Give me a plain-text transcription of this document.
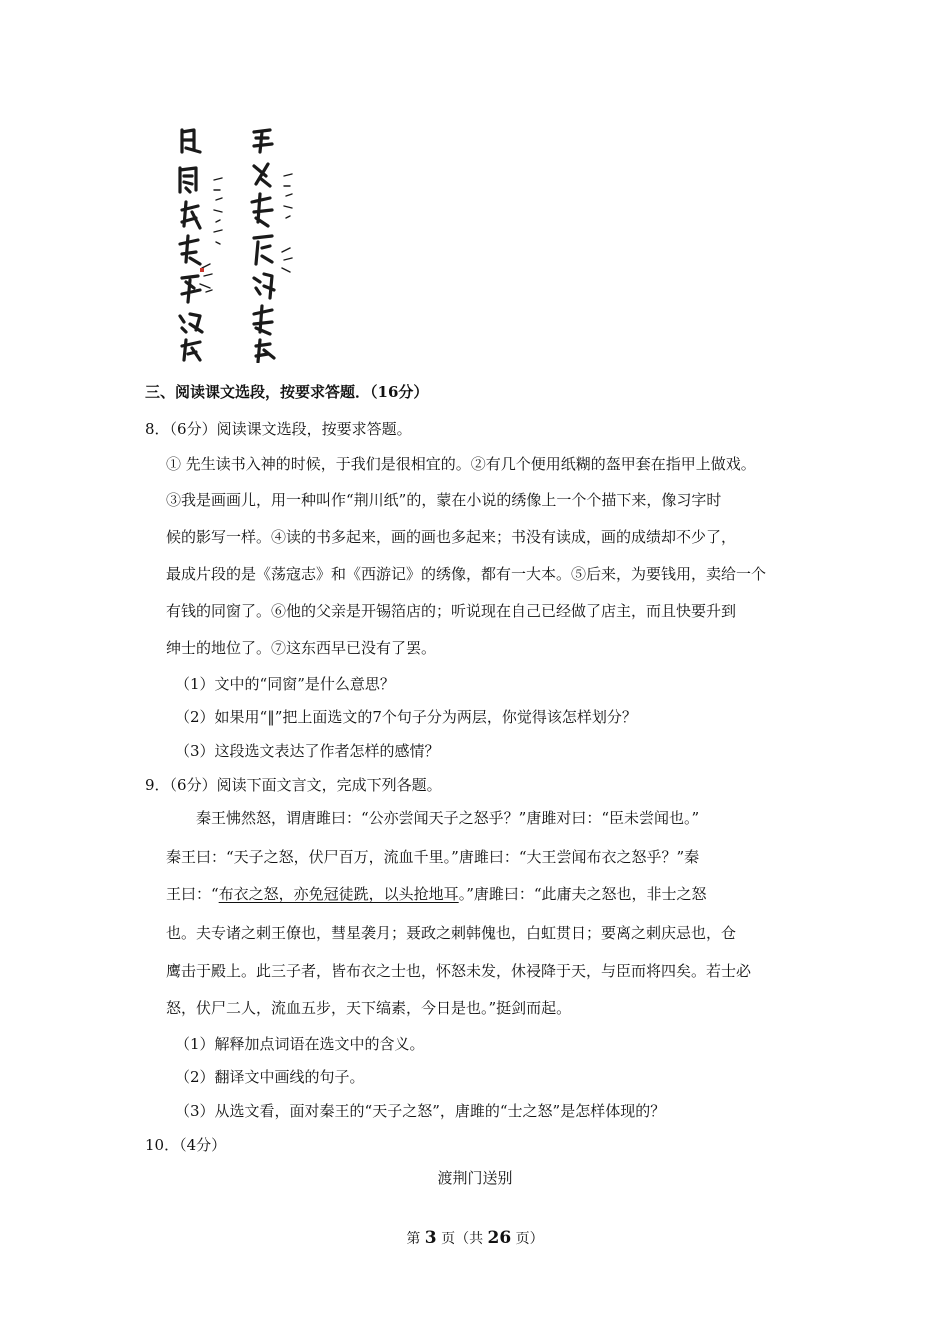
三、阅读课文选段，按要求答题．（16分）
8．（6分）阅读课文选段，按要求答题。
① 先生读书入神的时候，于我们是很相宜的。②有几个便用纸糊的盔甲套在指甲上做戏。
③我是画画儿，用一种叫作“荆川纸”的，蒙在小说的绣像上一个个描下来，像习字时
候的影写一样。④读的书多起来，画的画也多起来；书没有读成，画的成绩却不少了，
最成片段的是《荡寇志》和《西游记》的绣像，都有一大本。⑤后来，为要钱用，卖给一个
有钱的同窗了。⑥他的父亲是开锡箔店的；听说现在自己已经做了店主，而且快要升到
绅士的地位了。⑦这东西早已没有了罢。
（1）文中的“同窗”是什么意思？
（2）如果用“‖”把上面选文的7个句子分为两层，你觉得该怎样划分？
（3）这段选文表达了作者怎样的感情？
9．（6分）阅读下面文言文，完成下列各题。
秦王怫然怒，谓唐雎曰：“公亦尝闻天子之怒乎？”唐雎对曰：“臣未尝闻也。”
秦王曰：“天子之怒，伏尸百万，流血千里。”唐雎曰：“大王尝闻布衣之怒乎？”秦
王曰：“布衣之怒，亦免冠徒跣，以头抢地耳。”唐雎曰：“此庸夫之怒也，非士之怒
也。夫专诸之刺王僚也，彗星袭月；聂政之刺韩傀也，白虹贯日；要离之刺庆忌也，仓
鹰击于殿上。此三子者，皆布衣之士也，怀怒未发，休祲降于天，与臣而将四矣。若士必
怒，伏尸二人，流血五步，天下缟素，今日是也。”挺剑而起。
（1）解释加点词语在选文中的含义。
（2）翻译文中画线的句子。
（3）从选文看，面对秦王的“天子之怒”，唐雎的“士之怒”是怎样体现的？
10．（4分）
渡荆门送别
第 3 页（共 26 页）
